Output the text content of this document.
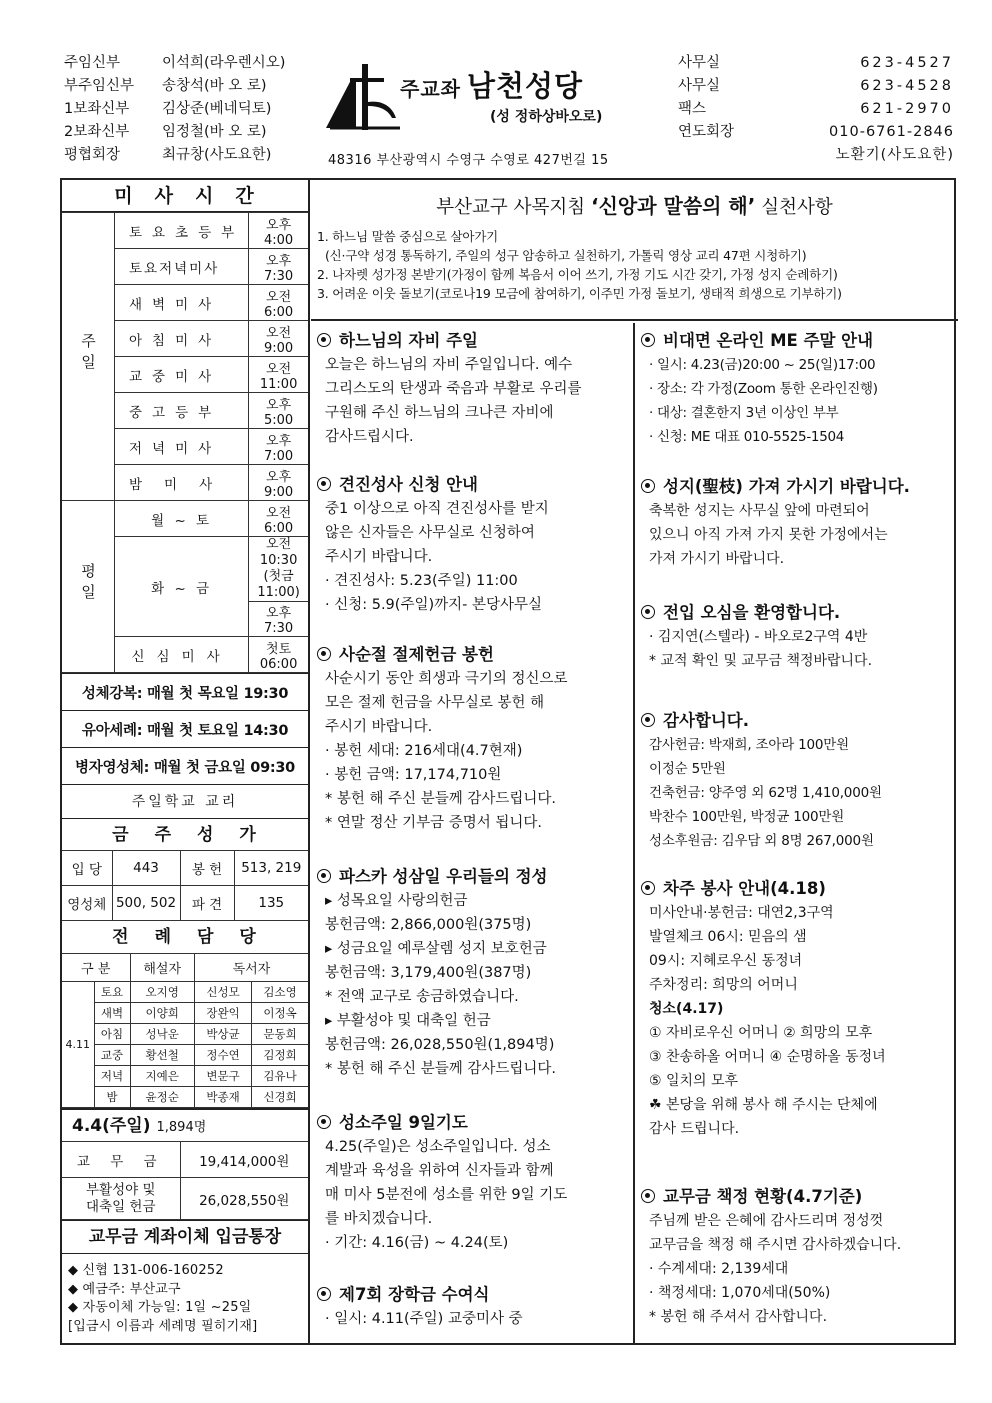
주임신부	이석희(라우렌시오)
부주임신부	송창석(바 오 로)
1보좌신부	김상준(베네딕토)
2보좌신부	임정철(바 오 로)
평협회장	최규창(사도요한)
주교좌 남천성당
(성 정하상바오로)
48316 부산광역시 수영구 수영로 427번길 15
사무실	623-4527
사무실	623-4528
팩스	621-2970
연도회장	010-6761-2846
노환기(사도요한)
미사시간
주일	토요초등부	오후 4:00
	토요저녁미사	오후 7:30
	새벽미사	오전 6:00
	아침미사	오전 9:00
	교중미사	오전 11:00
	중고등부	오후 5:00
	저녁미사	오후 7:00
	밤미사	오후 9:00
평일	월 ~ 토	오전 6:00
	화 ~ 금	오전 10:30
(첫금 11:00)

		오후 7:30
	신심미사	첫토 06:00
성체강복: 매월 첫 목요일 19:30
유아세례: 매월 첫 토요일 14:30
병자영성체: 매월 첫 금요일 09:30
주일학교 교리
금주성가
입 당	443	봉 헌	513, 219
영성체	500, 502	파 견	135
전례담당
구 분		해설자	독서자	
4.11	토요	오지영	신성모	김소영
	새벽	이양희	장완익	이정옥
	아침	성낙운	박상균	문동희
	교중	황선철	정수연	김정희
	저녁	지예은	변문구	김유나
	밤	윤정순	박종재	신경희
4.4(주일) 1,894명
교 무 금	19,414,000원

부활성야 및
대축일 헌금	26,028,550원
교무금 계좌이체 입금통장
◆ 신협 131-006-160252
◆ 예금주: 부산교구
◆ 자동이체 가능일: 1일 ~25일
[입금시 이름과 세례명 필히기재]
부산교구 사목지침 ‘신앙과 말씀의 해’ 실천사항
1. 하느님 말씀 중심으로 살아가기
(신·구약 성경 통독하기, 주일의 성구 암송하고 실천하기, 가톨릭 영상 교리 47편 시청하기)
2. 나자렛 성가정 본받기(가정이 함께 복음서 이어 쓰기, 가정 기도 시간 갖기, 가정 성지 순례하기)
3. 어려운 이웃 돌보기(코로나19 모금에 참여하기, 이주민 가정 돌보기, 생태적 희생으로 기부하기)
하느님의 자비 주일
오늘은 하느님의 자비 주일입니다. 예수
그리스도의 탄생과 죽음과 부활로 우리를
구원해 주신 하느님의 크나큰 자비에
감사드립시다.
견진성사 신청 안내
중1 이상으로 아직 견진성사를 받지
않은 신자들은 사무실로 신청하여
주시기 바랍니다.
· 견진성사: 5.23(주일) 11:00
· 신청: 5.9(주일)까지- 본당사무실
사순절 절제헌금 봉헌
사순시기 동안 희생과 극기의 정신으로
모은 절제 헌금을 사무실로 봉헌 해
주시기 바랍니다.
· 봉헌 세대: 216세대(4.7현재)
· 봉헌 금액: 17,174,710원
* 봉헌 해 주신 분들께 감사드립니다.
* 연말 정산 기부금 증명서 됩니다.
파스카 성삼일 우리들의 정성
▸ 성목요일 사랑의헌금
봉헌금액: 2,866,000원(375명)
▸ 성금요일 예루살렘 성지 보호헌금
봉헌금액: 3,179,400원(387명)
* 전액 교구로 송금하였습니다.
▸ 부활성야 및 대축일 헌금
봉헌금액: 26,028,550원(1,894명)
* 봉헌 해 주신 분들께 감사드립니다.
성소주일 9일기도
4.25(주일)은 성소주일입니다. 성소
계발과 육성을 위하여 신자들과 함께
매 미사 5분전에 성소를 위한 9일 기도
를 바치겠습니다.
· 기간: 4.16(금) ~ 4.24(토)
제7회 장학금 수여식
· 일시: 4.11(주일) 교중미사 중
비대면 온라인 ME 주말 안내
· 일시: 4.23(금)20:00 ~ 25(일)17:00
· 장소: 각 가정(Zoom 통한 온라인진행)
· 대상: 결혼한지 3년 이상인 부부
· 신청: ME 대표 010-5525-1504
성지(聖枝) 가져 가시기 바랍니다.
축복한 성지는 사무실 앞에 마련되어
있으니 아직 가져 가지 못한 가정에서는
가져 가시기 바랍니다.
전입 오심을 환영합니다.
· 김지연(스텔라) - 바오로2구역 4반
* 교적 확인 및 교무금 책정바랍니다.
감사합니다.
감사헌금: 박재희, 조아라 100만원
이정순 5만원
건축헌금: 양주영 외 62명 1,410,000원
박찬수 100만원, 박정균 100만원
성소후원금: 김우담 외 8명 267,000원
차주 봉사 안내(4.18)
미사안내·봉헌금: 대연2,3구역
발열체크 06시: 믿음의 샘
09시: 지혜로우신 동정녀
주차정리: 희망의 어머니
청소(4.17)
① 자비로우신 어머니 ② 희망의 모후
③ 찬송하올 어머니 ④ 순명하올 동정녀
⑤ 일치의 모후
☘ 본당을 위해 봉사 해 주시는 단체에
감사 드립니다.
교무금 책정 현황(4.7기준)
주님께 받은 은혜에 감사드리며 정성껏
교무금을 책정 해 주시면 감사하겠습니다.
· 수계세대: 2,139세대
· 책정세대: 1,070세대(50%)
* 봉헌 해 주셔서 감사합니다.
